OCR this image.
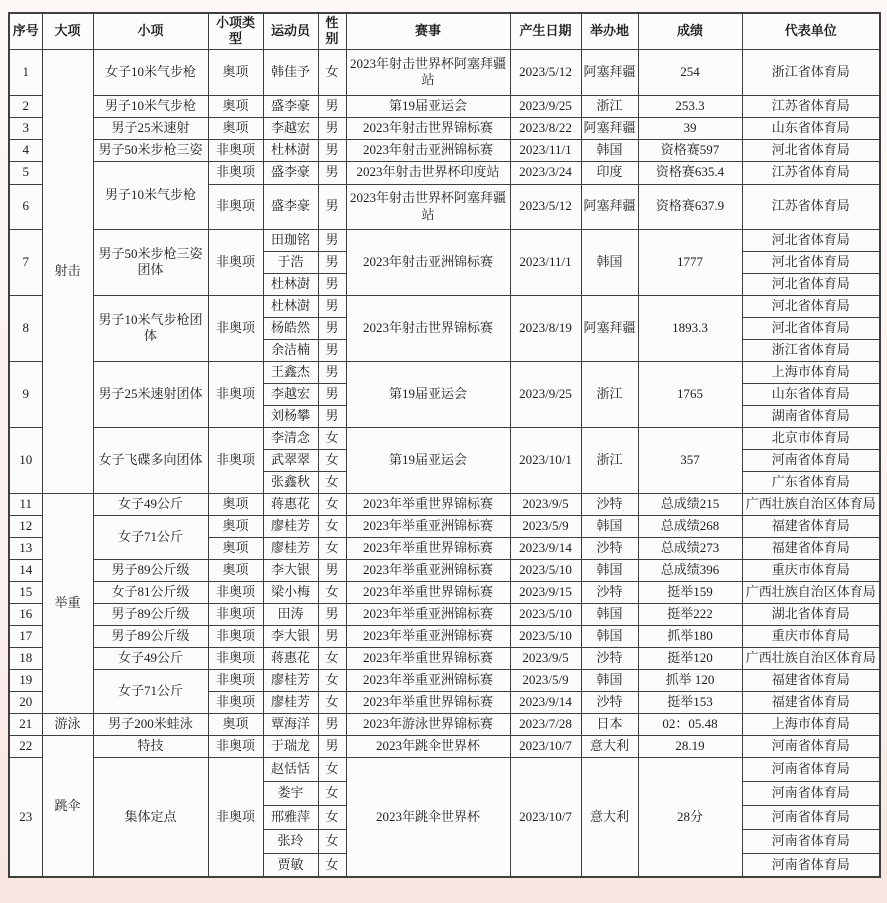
序号	大项	小项	小项类型	运动员	性别	赛事	产生日期	举办地	成绩	代表单位
1	射击	女子10米气步枪	奥项	韩佳予	女	2023年射击世界杯阿塞拜疆站	2023/5/12	阿塞拜疆	254	浙江省体育局
2		男子10米气步枪	奥项	盛李豪	男	第19届亚运会	2023/9/25	浙江	253.3	江苏省体育局
3		男子25米速射	奥项	李越宏	男	2023年射击世界锦标赛	2023/8/22	阿塞拜疆	39	山东省体育局
4		男子50米步枪三姿	非奥项	杜林澍	男	2023年射击亚洲锦标赛	2023/11/1	韩国	资格赛597	河北省体育局
5		男子10米气步枪	非奥项	盛李豪	男	2023年射击世界杯印度站	2023/3/24	印度	资格赛635.4	江苏省体育局
6			非奥项	盛李豪	男	2023年射击世界杯阿塞拜疆站	2023/5/12	阿塞拜疆	资格赛637.9	江苏省体育局
7		男子50米步枪三姿团体	非奥项	田珈铭	男	2023年射击亚洲锦标赛	2023/11/1	韩国	1777	河北省体育局
				于浩	男					河北省体育局
				杜林澍	男					河北省体育局
8		男子10米气步枪团体	非奥项	杜林澍	男	2023年射击世界锦标赛	2023/8/19	阿塞拜疆	1893.3	河北省体育局
				杨皓然	男					河北省体育局
				余洁楠	男					浙江省体育局
9		男子25米速射团体	非奥项	王鑫杰	男	第19届亚运会	2023/9/25	浙江	1765	上海市体育局
				李越宏	男					山东省体育局
				刘杨攀	男					湖南省体育局
10		女子飞碟多向团体	非奥项	李清念	女	第19届亚运会	2023/10/1	浙江	357	北京市体育局
				武翠翠	女					河南省体育局
				张鑫秋	女					广东省体育局
11	举重	女子49公斤	奥项	蒋惠花	女	2023年举重世界锦标赛	2023/9/5	沙特	总成绩215	广西壮族自治区体育局
12		女子71公斤	奥项	廖桂芳	女	2023年举重亚洲锦标赛	2023/5/9	韩国	总成绩268	福建省体育局
13			奥项	廖桂芳	女	2023年举重世界锦标赛	2023/9/14	沙特	总成绩273	福建省体育局
14		男子89公斤级	奥项	李大银	男	2023年举重亚洲锦标赛	2023/5/10	韩国	总成绩396	重庆市体育局
15		女子81公斤级	非奥项	梁小梅	女	2023年举重世界锦标赛	2023/9/15	沙特	挺举159	广西壮族自治区体育局
16		男子89公斤级	非奥项	田涛	男	2023年举重亚洲锦标赛	2023/5/10	韩国	挺举222	湖北省体育局
17		男子89公斤级	非奥项	李大银	男	2023年举重亚洲锦标赛	2023/5/10	韩国	抓举180	重庆市体育局
18		女子49公斤	非奥项	蒋惠花	女	2023年举重世界锦标赛	2023/9/5	沙特	挺举120	广西壮族自治区体育局
19		女子71公斤	非奥项	廖桂芳	女	2023年举重亚洲锦标赛	2023/5/9	韩国	抓举 120	福建省体育局
20			非奥项	廖桂芳	女	2023年举重世界锦标赛	2023/9/14	沙特	挺举153	福建省体育局
21	游泳	男子200米蛙泳	奥项	覃海洋	男	2023年游泳世界锦标赛	2023/7/28	日本	02：05.48	上海市体育局
22	跳伞	特技	非奥项	于瑞龙	男	2023年跳伞世界杯	2023/10/7	意大利	28.19	河南省体育局
23		集体定点	非奥项	赵恬恬	女	2023年跳伞世界杯	2023/10/7	意大利	28分	河南省体育局
				娄宇	女					河南省体育局
				邢雅萍	女					河南省体育局
				张玲	女					河南省体育局
				贾敏	女					河南省体育局
